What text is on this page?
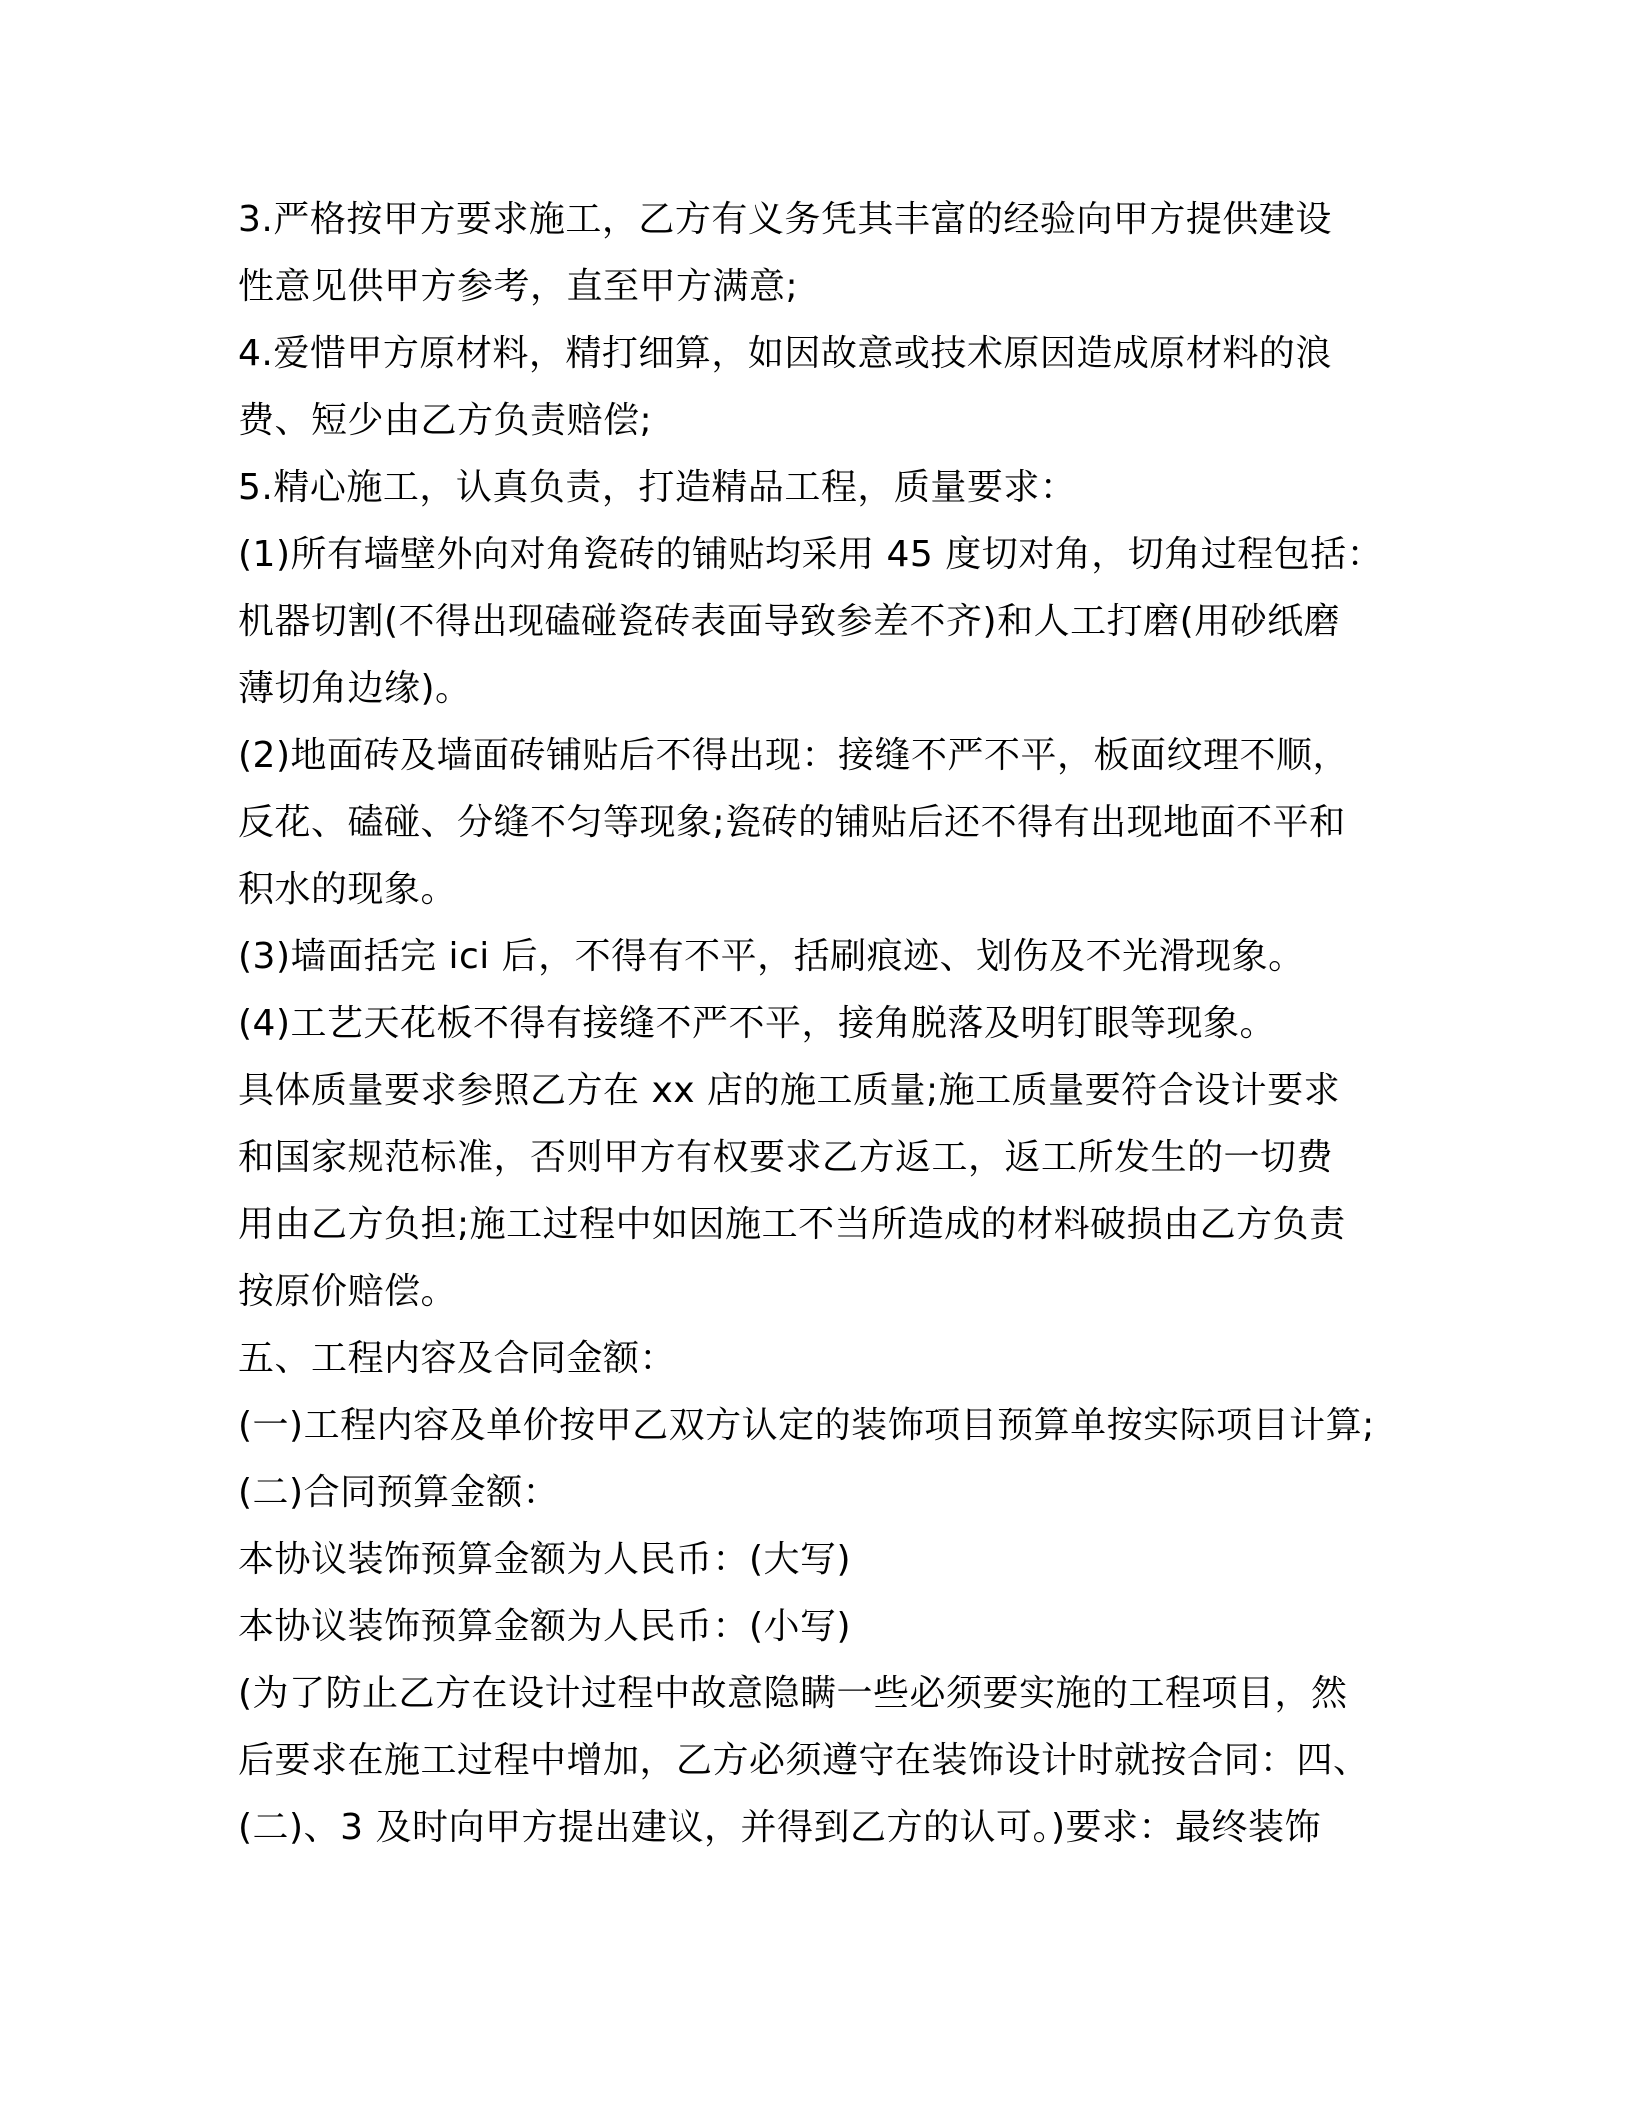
3.严格按甲方要求施工，乙方有义务凭其丰富的经验向甲方提供建设
性意见供甲方参考，直至甲方满意;
4.爱惜甲方原材料，精打细算，如因故意或技术原因造成原材料的浪
费、短少由乙方负责赔偿;
5.精心施工，认真负责，打造精品工程，质量要求：
(1)所有墙壁外向对角瓷砖的铺贴均采用 45 度切对角，切角过程包括：
机器切割(不得出现磕碰瓷砖表面导致参差不齐)和人工打磨(用砂纸磨
薄切角边缘)。
(2)地面砖及墙面砖铺贴后不得出现：接缝不严不平，板面纹理不顺，
反花、磕碰、分缝不匀等现象;瓷砖的铺贴后还不得有出现地面不平和
积水的现象。
(3)墙面括完 ici 后，不得有不平，括刷痕迹、划伤及不光滑现象。
(4)工艺天花板不得有接缝不严不平，接角脱落及明钉眼等现象。
具体质量要求参照乙方在 xx 店的施工质量;施工质量要符合设计要求
和国家规范标准，否则甲方有权要求乙方返工，返工所发生的一切费
用由乙方负担;施工过程中如因施工不当所造成的材料破损由乙方负责
按原价赔偿。
五、工程内容及合同金额：
(一)工程内容及单价按甲乙双方认定的装饰项目预算单按实际项目计算;
(二)合同预算金额：
本协议装饰预算金额为人民币：(大写)
本协议装饰预算金额为人民币：(小写)
(为了防止乙方在设计过程中故意隐瞒一些必须要实施的工程项目，然
后要求在施工过程中增加，乙方必须遵守在装饰设计时就按合同：四、
(二)、3 及时向甲方提出建议，并得到乙方的认可。)要求：最终装饰
